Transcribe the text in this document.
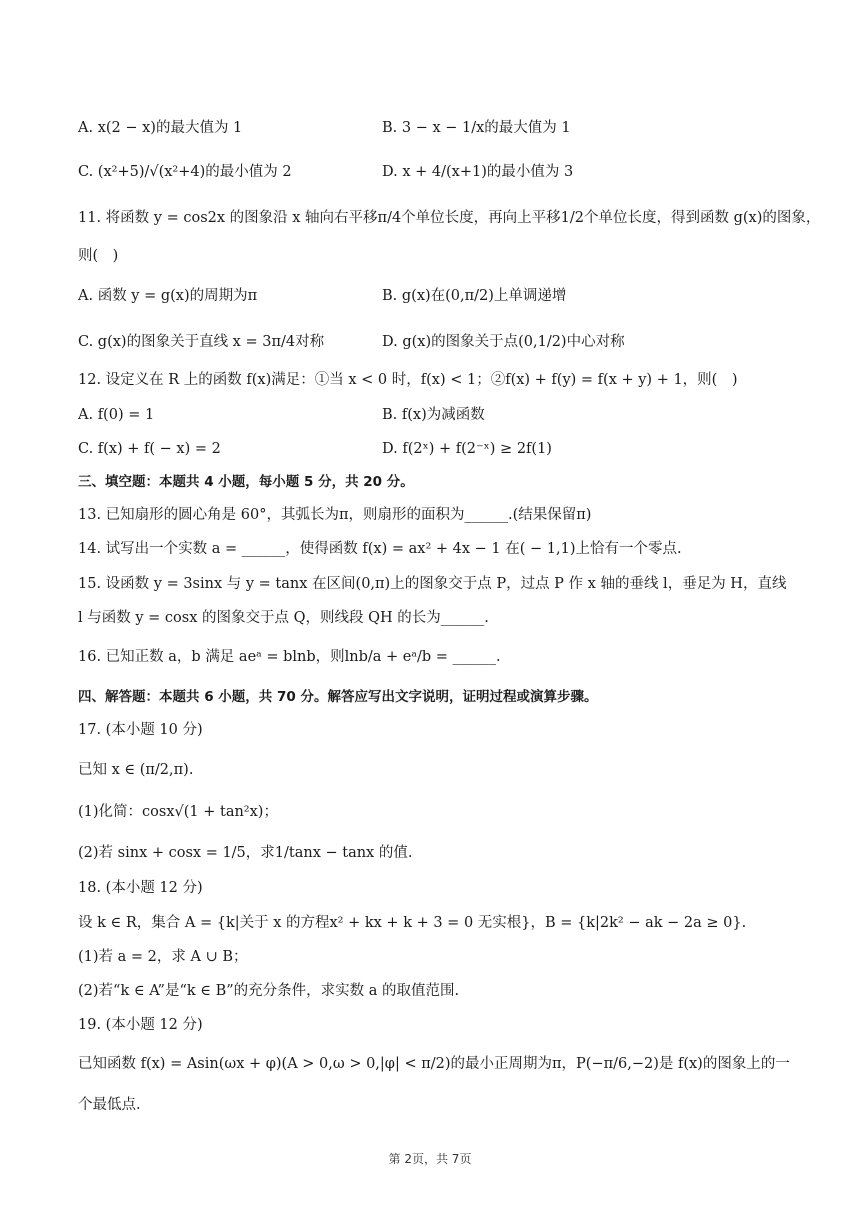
A. x(2 − x)的最大值为 1	B. 3 − x − 1/x的最大值为 1
C. (x²+5)/√(x²+4)的最小值为 2	D. x + 4/(x+1)的最小值为 3
11. 将函数 y = cos2x 的图象沿 x 轴向右平移π/4个单位长度，再向上平移1/2个单位长度，得到函数 g(x)的图象，
则(　)
A. 函数 y = g(x)的周期为π	B. g(x)在(0,π/2)上单调递增
C. g(x)的图象关于直线 x = 3π/4对称	D. g(x)的图象关于点(0,1/2)中心对称
12. 设定义在 R 上的函数 f(x)满足：①当 x < 0 时，f(x) < 1；②f(x) + f(y) = f(x + y) + 1，则(　)
A. f(0) = 1	B. f(x)为减函数
C. f(x) + f( − x) = 2	D. f(2ˣ) + f(2⁻ˣ) ≥ 2f(1)
三、填空题：本题共 4 小题，每小题 5 分，共 20 分。
13. 已知扇形的圆心角是 60°，其弧长为π，则扇形的面积为______.(结果保留π)
14. 试写出一个实数 a = ______，使得函数 f(x) = ax² + 4x − 1 在( − 1,1)上恰有一个零点.
15. 设函数 y = 3sinx 与 y = tanx 在区间(0,π)上的图象交于点 P，过点 P 作 x 轴的垂线 l，垂足为 H，直线
l 与函数 y = cosx 的图象交于点 Q，则线段 QH 的长为______.
16. 已知正数 a，b 满足 aeᵃ = blnb，则lnb/a + eᵃ/b = ______.
四、解答题：本题共 6 小题，共 70 分。解答应写出文字说明，证明过程或演算步骤。
17. (本小题 10 分)
已知 x ∈ (π/2,π).
(1)化简：cosx√(1 + tan²x)；
(2)若 sinx + cosx = 1/5，求1/tanx − tanx 的值.
18. (本小题 12 分)
设 k ∈ R，集合 A = {k|关于 x 的方程x² + kx + k + 3 = 0 无实根}，B = {k|2k² − ak − 2a ≥ 0}.
(1)若 a = 2，求 A ∪ B；
(2)若“k ∈ A”是“k ∈ B”的充分条件，求实数 a 的取值范围.
19. (本小题 12 分)
已知函数 f(x) = Asin(ωx + φ)(A > 0,ω > 0,|φ| < π/2)的最小正周期为π，P(−π/6,−2)是 f(x)的图象上的一
个最低点.
第 2页，共 7页
